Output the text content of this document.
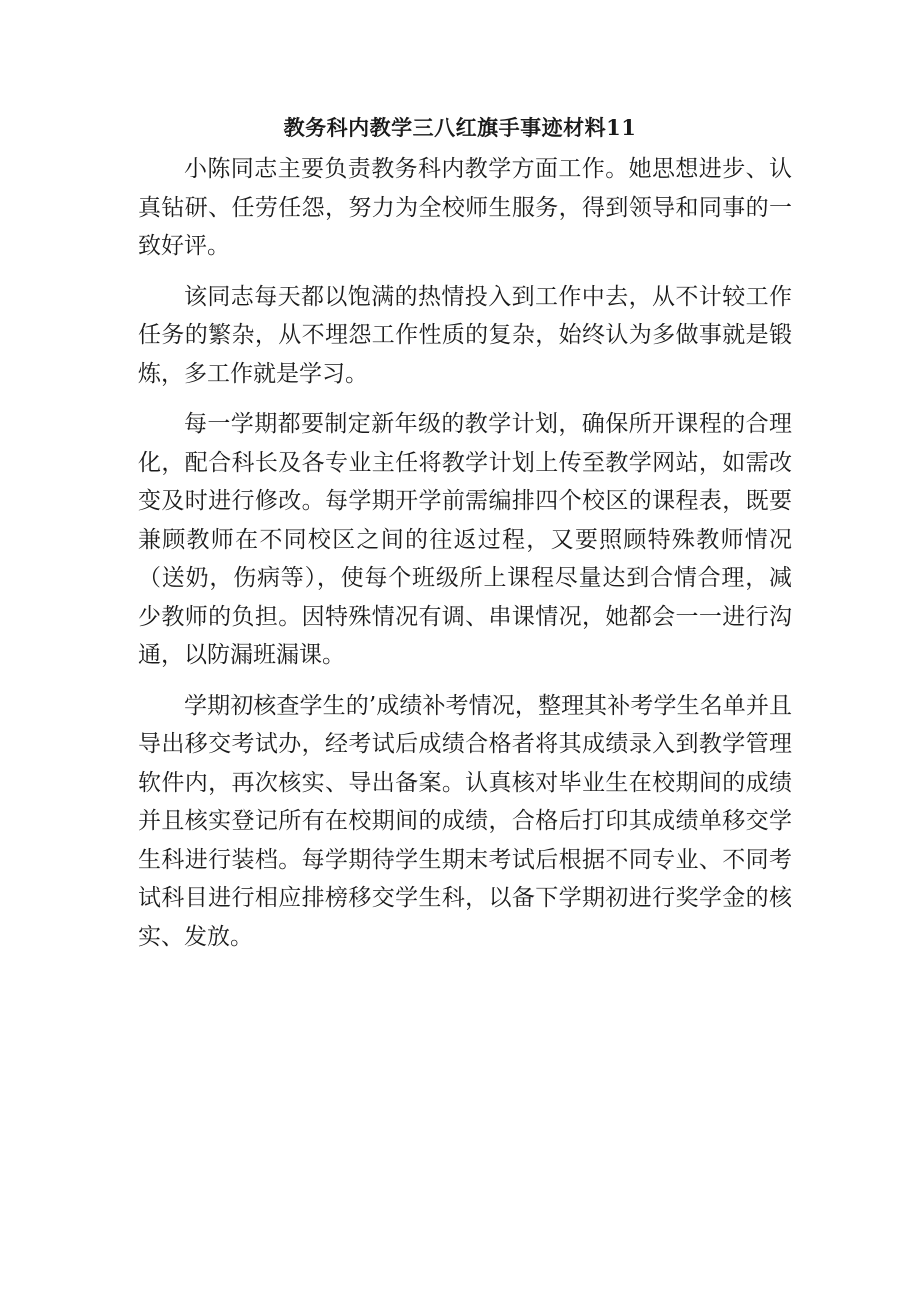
教务科内教学三八红旗手事迹材料11

小陈同志主要负责教务科内教学方面工作。她思想进步、认真钻研、任劳任怨，努力为全校师生服务，得到领导和同事的一致好评。

该同志每天都以饱满的热情投入到工作中去，从不计较工作任务的繁杂，从不埋怨工作性质的复杂，始终认为多做事就是锻炼，多工作就是学习。

每一学期都要制定新年级的教学计划，确保所开课程的合理化，配合科长及各专业主任将教学计划上传至教学网站，如需改变及时进行修改。每学期开学前需编排四个校区的课程表，既要兼顾教师在不同校区之间的往返过程，又要照顾特殊教师情况（送奶，伤病等），使每个班级所上课程尽量达到合情合理，减少教师的负担。因特殊情况有调、串课情况，她都会一一进行沟通，以防漏班漏课。

学期初核查学生的’成绩补考情况，整理其补考学生名单并且导出移交考试办，经考试后成绩合格者将其成绩录入到教学管理软件内，再次核实、导出备案。认真核对毕业生在校期间的成绩并且核实登记所有在校期间的成绩，合格后打印其成绩单移交学生科进行装档。每学期待学生期末考试后根据不同专业、不同考试科目进行相应排榜移交学生科，以备下学期初进行奖学金的核实、发放。
